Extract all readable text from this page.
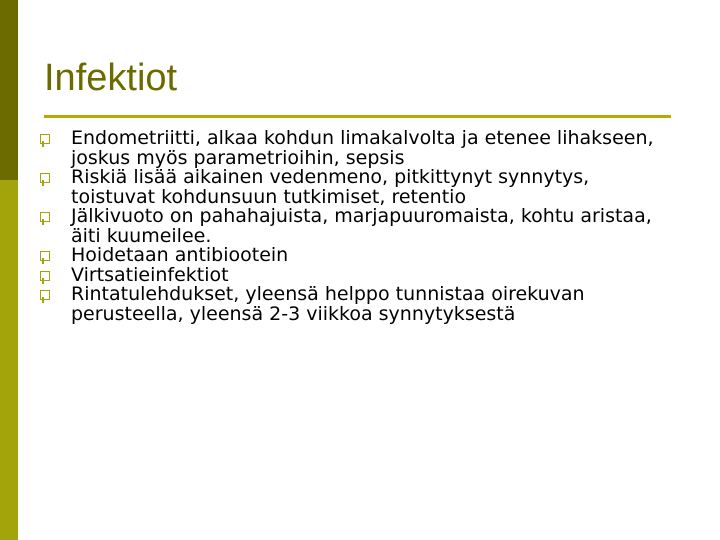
Infektiot
Endometriitti, alkaa kohdun limakalvolta ja etenee lihakseen, joskus myös parametrioihin, sepsis
Riskiä lisää aikainen vedenmeno, pitkittynyt synnytys, toistuvat kohdunsuun tutkimiset, retentio
Jälkivuoto on pahahajuista, marjapuuromaista, kohtu aristaa, äiti kuumeilee.
Hoidetaan antibiootein
Virtsatieinfektiot
Rintatulehdukset, yleensä helppo tunnistaa oirekuvan perusteella, yleensä 2-3 viikkoa synnytyksestä
